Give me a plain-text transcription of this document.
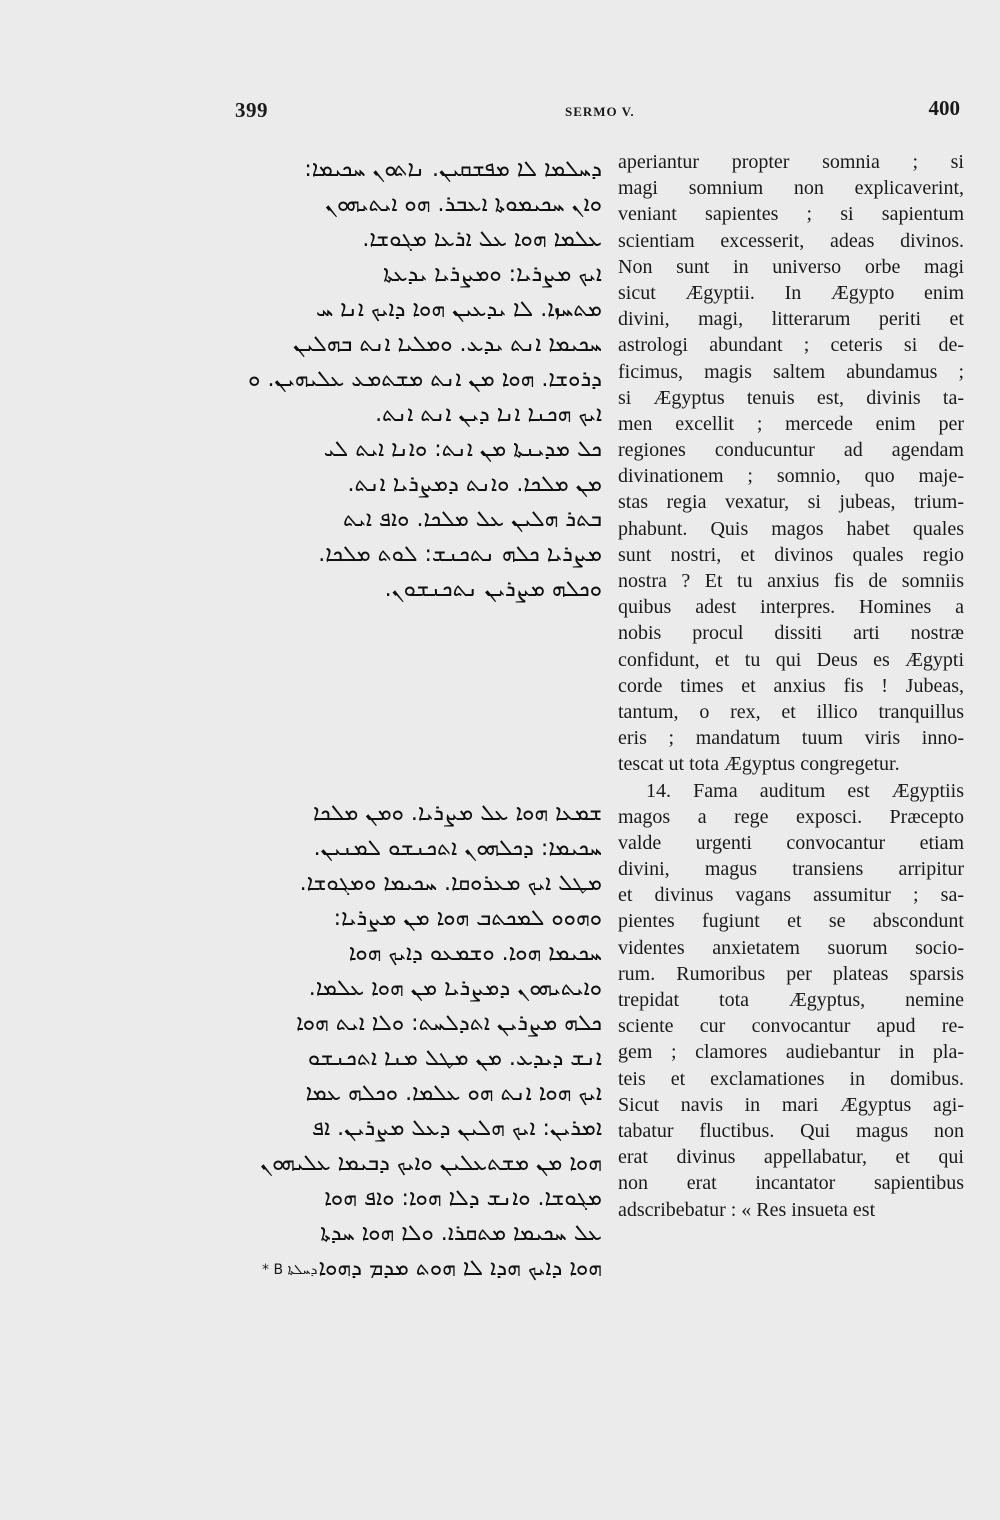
399	SERMO V.	400
ܕܚܠܡܐ ܠܐ ܡܦܫܩܝܢ. ܢܐܬܘܢ ܚܟܝܡܐ:
ܘܐܢ ܚܟܝܡܘܬܐ ܐܥܒܪ. ܗܘ ܐܝܬܝܗܘܢ
ܥܠܡܐ ܗܘܐ ܥܠ ܐܪܥܐ ܡܓܘܫܐ.
ܐܝܟ ܡܨܪܝܐ: ܘܡܨܪܝܐ ܝܕܥܬܐ
ܡܬܚܙܐ. ܠܐ ܝܕܥܝܢ ܗܘܐ ܕܐܝܟ ܐܢܐ ܚ
ܚܟܝܡܐ ܐܢܬ ܝܕܥ. ܘܡܠܝܐ ܐܢܬ ܒܗܠܝܢ
ܕܪܘܫܐ. ܗܘܐ ܡܢ ܐܢܬ ܡܫܬܡܥ ܥܠܝܗܝܢ. ܘ
ܐܝܟ ܗܟܢܐ ܐܢܐ ܕܝܢ ܐܢܬ ܐܢܬ.
ܟܠ ܡܕܝܢܬܐ ܡܢ ܐܢܬ: ܘܐܢܐ ܐܝܬ ܠܝ
ܡܢ ܡܠܟܐ. ܘܐܢܬ ܕܡܨܪܝܐ ܐܢܬ.
ܒܬܪ ܗܠܝܢ ܥܠ ܡܠܟܐ. ܘܐܦ ܐܝܬ
ܡܨܪܝܐ ܟܠܗ ܢܬܟܢܫ: ܠܘܬ ܡܠܟܐ.
ܘܟܠܗ ܡܨܪܝܢ ܢܬܟܢܫܘܢ.
ܫܡܥܐ ܗܘܐ ܥܠ ܡܨܪܝܐ. ܘܡܢ ܡܠܟܐ
ܚܟܝܡܐ: ܕܟܠܗܘܢ ܐܬܟܢܫܘ ܠܡܢܝܢ.
ܡܛܠ ܐܝܟ ܡܥܪܘܩܐ. ܚܟܝܡܐ ܘܡܓܘܫܐ.
ܘܗܘܘ ܠܡܟܬܒ ܗܘܐ ܡܢ ܡܨܪܝܐ:
ܚܟܝܡܐ ܗܘܐ. ܘܫܡܥܘ ܕܐܝܟ ܗܘܐ
ܘܐܝܬܝܗܘܢ ܕܡܨܪܝܐ ܡܢ ܗܘܐ ܥܠܡܐ.
ܟܠܗ ܡܨܪܝܢ ܐܬܕܠܚܬ: ܘܠܐ ܐܝܬ ܗܘܐ
ܐܢܫ ܕܝܕܥ. ܡܢ ܡܛܠ ܡܢܐ ܐܬܟܢܫܘ
ܐܝܟ ܗܘܐ ܐܢܬ ܗܘ ܥܠܡܐ. ܘܟܠܗ ܥܡܐ
ܐܡܪܝܢ: ܐܝܟ ܗܠܝܢ ܕܥܠ ܡܨܪܝܢ. ܐܦ
ܗܘܐ ܡܢ ܡܫܬܥܠܝܢ ܘܐܝܟ ܕܒܝܡܐ ܥܠܝܗܘܢ
ܡܓܘܫܐ. ܘܐܢܫ ܕܠܐ ܗܘܐ: ܘܐܦ ܗܘܐ
ܥܠ ܚܟܝܡܐ ܡܬܩܪܐ. ܘܠܐ ܗܘܐ ܚܕܬܐ
ܗܘܐ ܕܐܝܟ ܗܕܐ ܠܐ ܗܘܬ ܡܕܡ ܕܗܘܐ
* B ܕܚܠܬܐ
aperiantur propter somnia ; si
magi somnium non explicaverint,
veniant sapientes ; si sapientum
scientiam excesserit, adeas divinos.
Non sunt in universo orbe magi
sicut Ægyptii. In Ægypto enim
divini, magi, litterarum periti et
astrologi abundant ; ceteris si de-
ficimus, magis saltem abundamus ;
si Ægyptus tenuis est, divinis ta-
men excellit ; mercede enim per
regiones conducuntur ad agendam
divinationem ; somnio, quo maje-
stas regia vexatur, si jubeas, trium-
phabunt. Quis magos habet quales
sunt nostri, et divinos quales regio
nostra ? Et tu anxius fis de somniis
quibus adest interpres. Homines a
nobis procul dissiti arti nostræ
confidunt, et tu qui Deus es Ægypti
corde times et anxius fis ! Jubeas,
tantum, o rex, et illico tranquillus
eris ; mandatum tuum viris inno-
tescat ut tota Ægyptus congregetur.
14. Fama auditum est Ægyptiis
magos a rege exposci. Præcepto
valde urgenti convocantur etiam
divini, magus transiens arripitur
et divinus vagans assumitur ; sa-
pientes fugiunt et se abscondunt
videntes anxietatem suorum socio-
rum. Rumoribus per plateas sparsis
trepidat tota Ægyptus, nemine
sciente cur convocantur apud re-
gem ; clamores audiebantur in pla-
teis et exclamationes in domibus.
Sicut navis in mari Ægyptus agi-
tabatur fluctibus. Qui magus non
erat divinus appellabatur, et qui
non erat incantator sapientibus
adscribebatur : « Res insueta est
